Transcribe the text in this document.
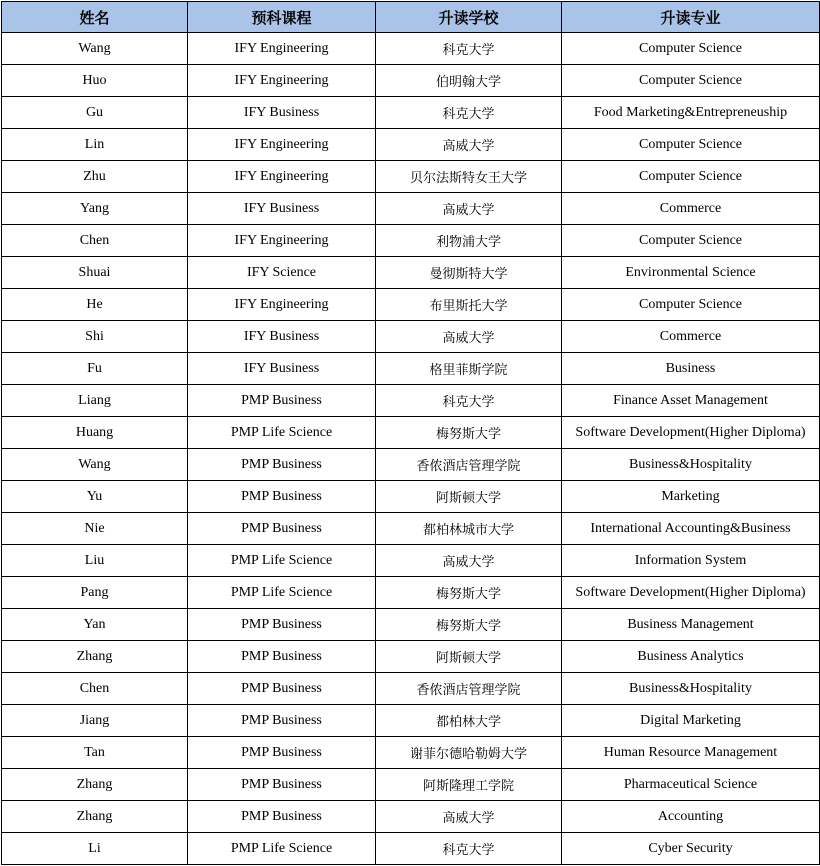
姓名	预科课程	升读学校	升读专业
Wang	IFY Engineering	科克大学	Computer Science
Huo	IFY Engineering	伯明翰大学	Computer Science
Gu	IFY Business	科克大学	Food Marketing&Entrepreneuship
Lin	IFY Engineering	高威大学	Computer Science
Zhu	IFY Engineering	贝尔法斯特女王大学	Computer Science
Yang	IFY Business	高威大学	Commerce
Chen	IFY Engineering	利物浦大学	Computer Science
Shuai	IFY Science	曼彻斯特大学	Environmental Science
He	IFY Engineering	布里斯托大学	Computer Science
Shi	IFY Business	高威大学	Commerce
Fu	IFY Business	格里菲斯学院	Business
Liang	PMP Business	科克大学	Finance Asset Management
Huang	PMP Life Science	梅努斯大学	Software Development(Higher Diploma)
Wang	PMP Business	香侬酒店管理学院	Business&Hospitality
Yu	PMP Business	阿斯顿大学	Marketing
Nie	PMP Business	都柏林城市大学	International Accounting&Business
Liu	PMP Life Science	高威大学	Information System
Pang	PMP Life Science	梅努斯大学	Software Development(Higher Diploma)
Yan	PMP Business	梅努斯大学	Business Management
Zhang	PMP Business	阿斯顿大学	Business Analytics
Chen	PMP Business	香侬酒店管理学院	Business&Hospitality
Jiang	PMP Business	都柏林大学	Digital Marketing
Tan	PMP Business	谢菲尔德哈勒姆大学	Human Resource Management
Zhang	PMP Business	阿斯隆理工学院	Pharmaceutical Science
Zhang	PMP Business	高威大学	Accounting
Li	PMP Life Science	科克大学	Cyber Security
